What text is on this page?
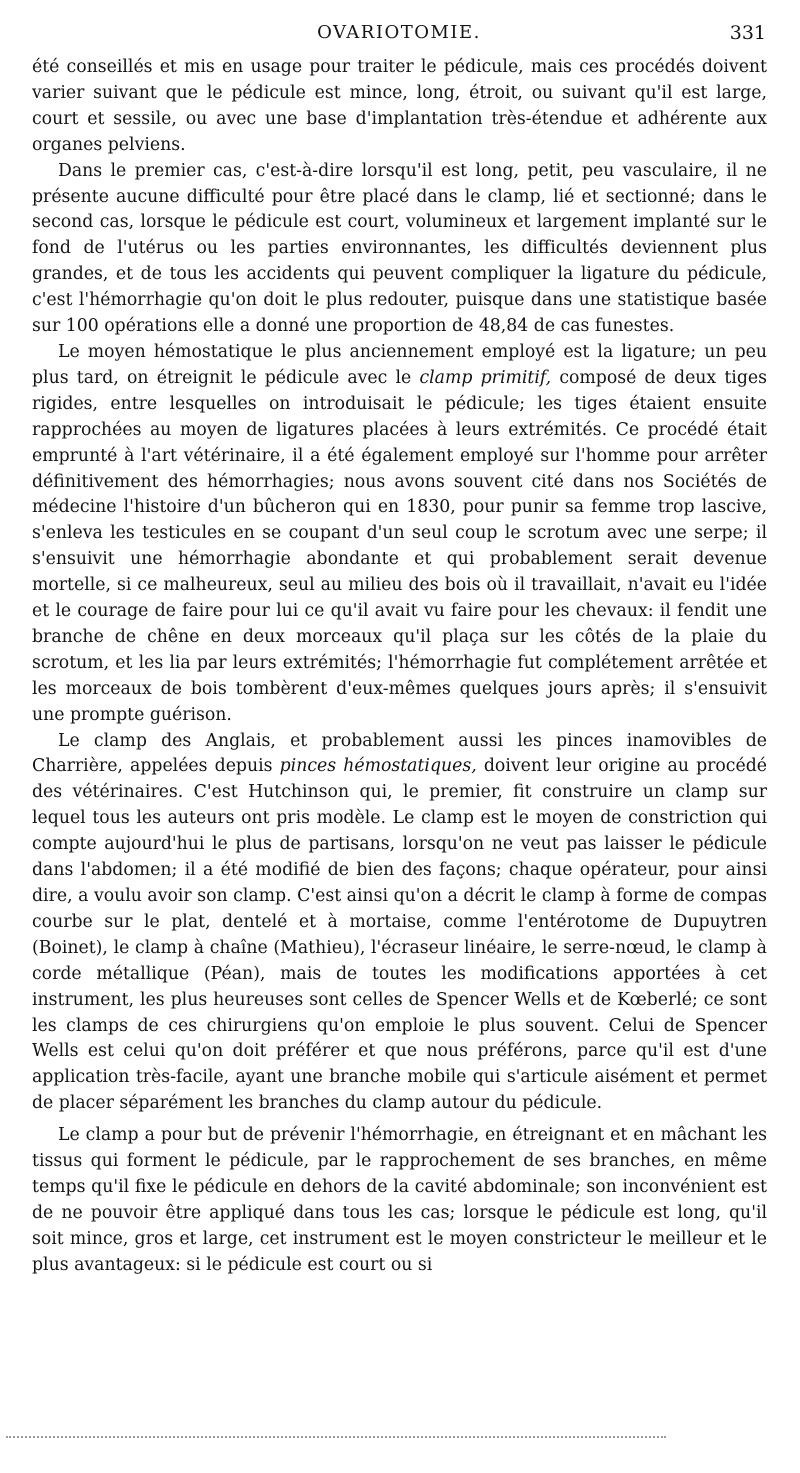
OVARIOTOMIE.	331

été conseillés et mis en usage pour traiter le pédicule, mais ces procédés doivent varier suivant que le pédicule est mince, long, étroit, ou suivant qu'il est large, court et sessile, ou avec une base d'implantation très-étendue et adhérente aux organes pelviens.

Dans le premier cas, c'est-à-dire lorsqu'il est long, petit, peu vasculaire, il ne présente aucune difficulté pour être placé dans le clamp, lié et sectionné; dans le second cas, lorsque le pédicule est court, volumineux et largement implanté sur le fond de l'utérus ou les parties environnantes, les difficultés deviennent plus grandes, et de tous les accidents qui peuvent compliquer la ligature du pédicule, c'est l'hémorrhagie qu'on doit le plus redouter, puisque dans une statistique basée sur 100 opérations elle a donné une proportion de 48,84 de cas funestes.

Le moyen hémostatique le plus anciennement employé est la ligature; un peu plus tard, on étreignit le pédicule avec le clamp primitif, composé de deux tiges rigides, entre lesquelles on introduisait le pédicule; les tiges étaient ensuite rapprochées au moyen de ligatures placées à leurs extrémités. Ce procédé était emprunté à l'art vétérinaire, il a été également employé sur l'homme pour arrêter définitivement des hémorrhagies; nous avons souvent cité dans nos Sociétés de médecine l'histoire d'un bûcheron qui en 1830, pour punir sa femme trop lascive, s'enleva les testicules en se coupant d'un seul coup le scrotum avec une serpe; il s'ensuivit une hémorrhagie abondante et qui probablement serait devenue mortelle, si ce malheureux, seul au milieu des bois où il travaillait, n'avait eu l'idée et le courage de faire pour lui ce qu'il avait vu faire pour les chevaux: il fendit une branche de chêne en deux morceaux qu'il plaça sur les côtés de la plaie du scrotum, et les lia par leurs extrémités; l'hémorrhagie fut complétement arrêtée et les morceaux de bois tombèrent d'eux-mêmes quelques jours après; il s'ensuivit une prompte guérison.

Le clamp des Anglais, et probablement aussi les pinces inamovibles de Charrière, appelées depuis pinces hémostatiques, doivent leur origine au procédé des vétérinaires. C'est Hutchinson qui, le premier, fit construire un clamp sur lequel tous les auteurs ont pris modèle. Le clamp est le moyen de constriction qui compte aujourd'hui le plus de partisans, lorsqu'on ne veut pas laisser le pédicule dans l'abdomen; il a été modifié de bien des façons; chaque opérateur, pour ainsi dire, a voulu avoir son clamp. C'est ainsi qu'on a décrit le clamp à forme de compas courbe sur le plat, dentelé et à mortaise, comme l'entérotome de Dupuytren (Boinet), le clamp à chaîne (Mathieu), l'écraseur linéaire, le serre-nœud, le clamp à corde métallique (Péan), mais de toutes les modifications apportées à cet instrument, les plus heureuses sont celles de Spencer Wells et de Kœberlé; ce sont les clamps de ces chirurgiens qu'on emploie le plus souvent. Celui de Spencer Wells est celui qu'on doit préférer et que nous préférons, parce qu'il est d'une application très-facile, ayant une branche mobile qui s'articule aisément et permet de placer séparément les branches du clamp autour du pédicule.

Le clamp a pour but de prévenir l'hémorrhagie, en étreignant et en mâchant les tissus qui forment le pédicule, par le rapprochement de ses branches, en même temps qu'il fixe le pédicule en dehors de la cavité abdominale; son inconvénient est de ne pouvoir être appliqué dans tous les cas; lorsque le pédicule est long, qu'il soit mince, gros et large, cet instrument est le moyen constricteur le meilleur et le plus avantageux: si le pédicule est court ou si
